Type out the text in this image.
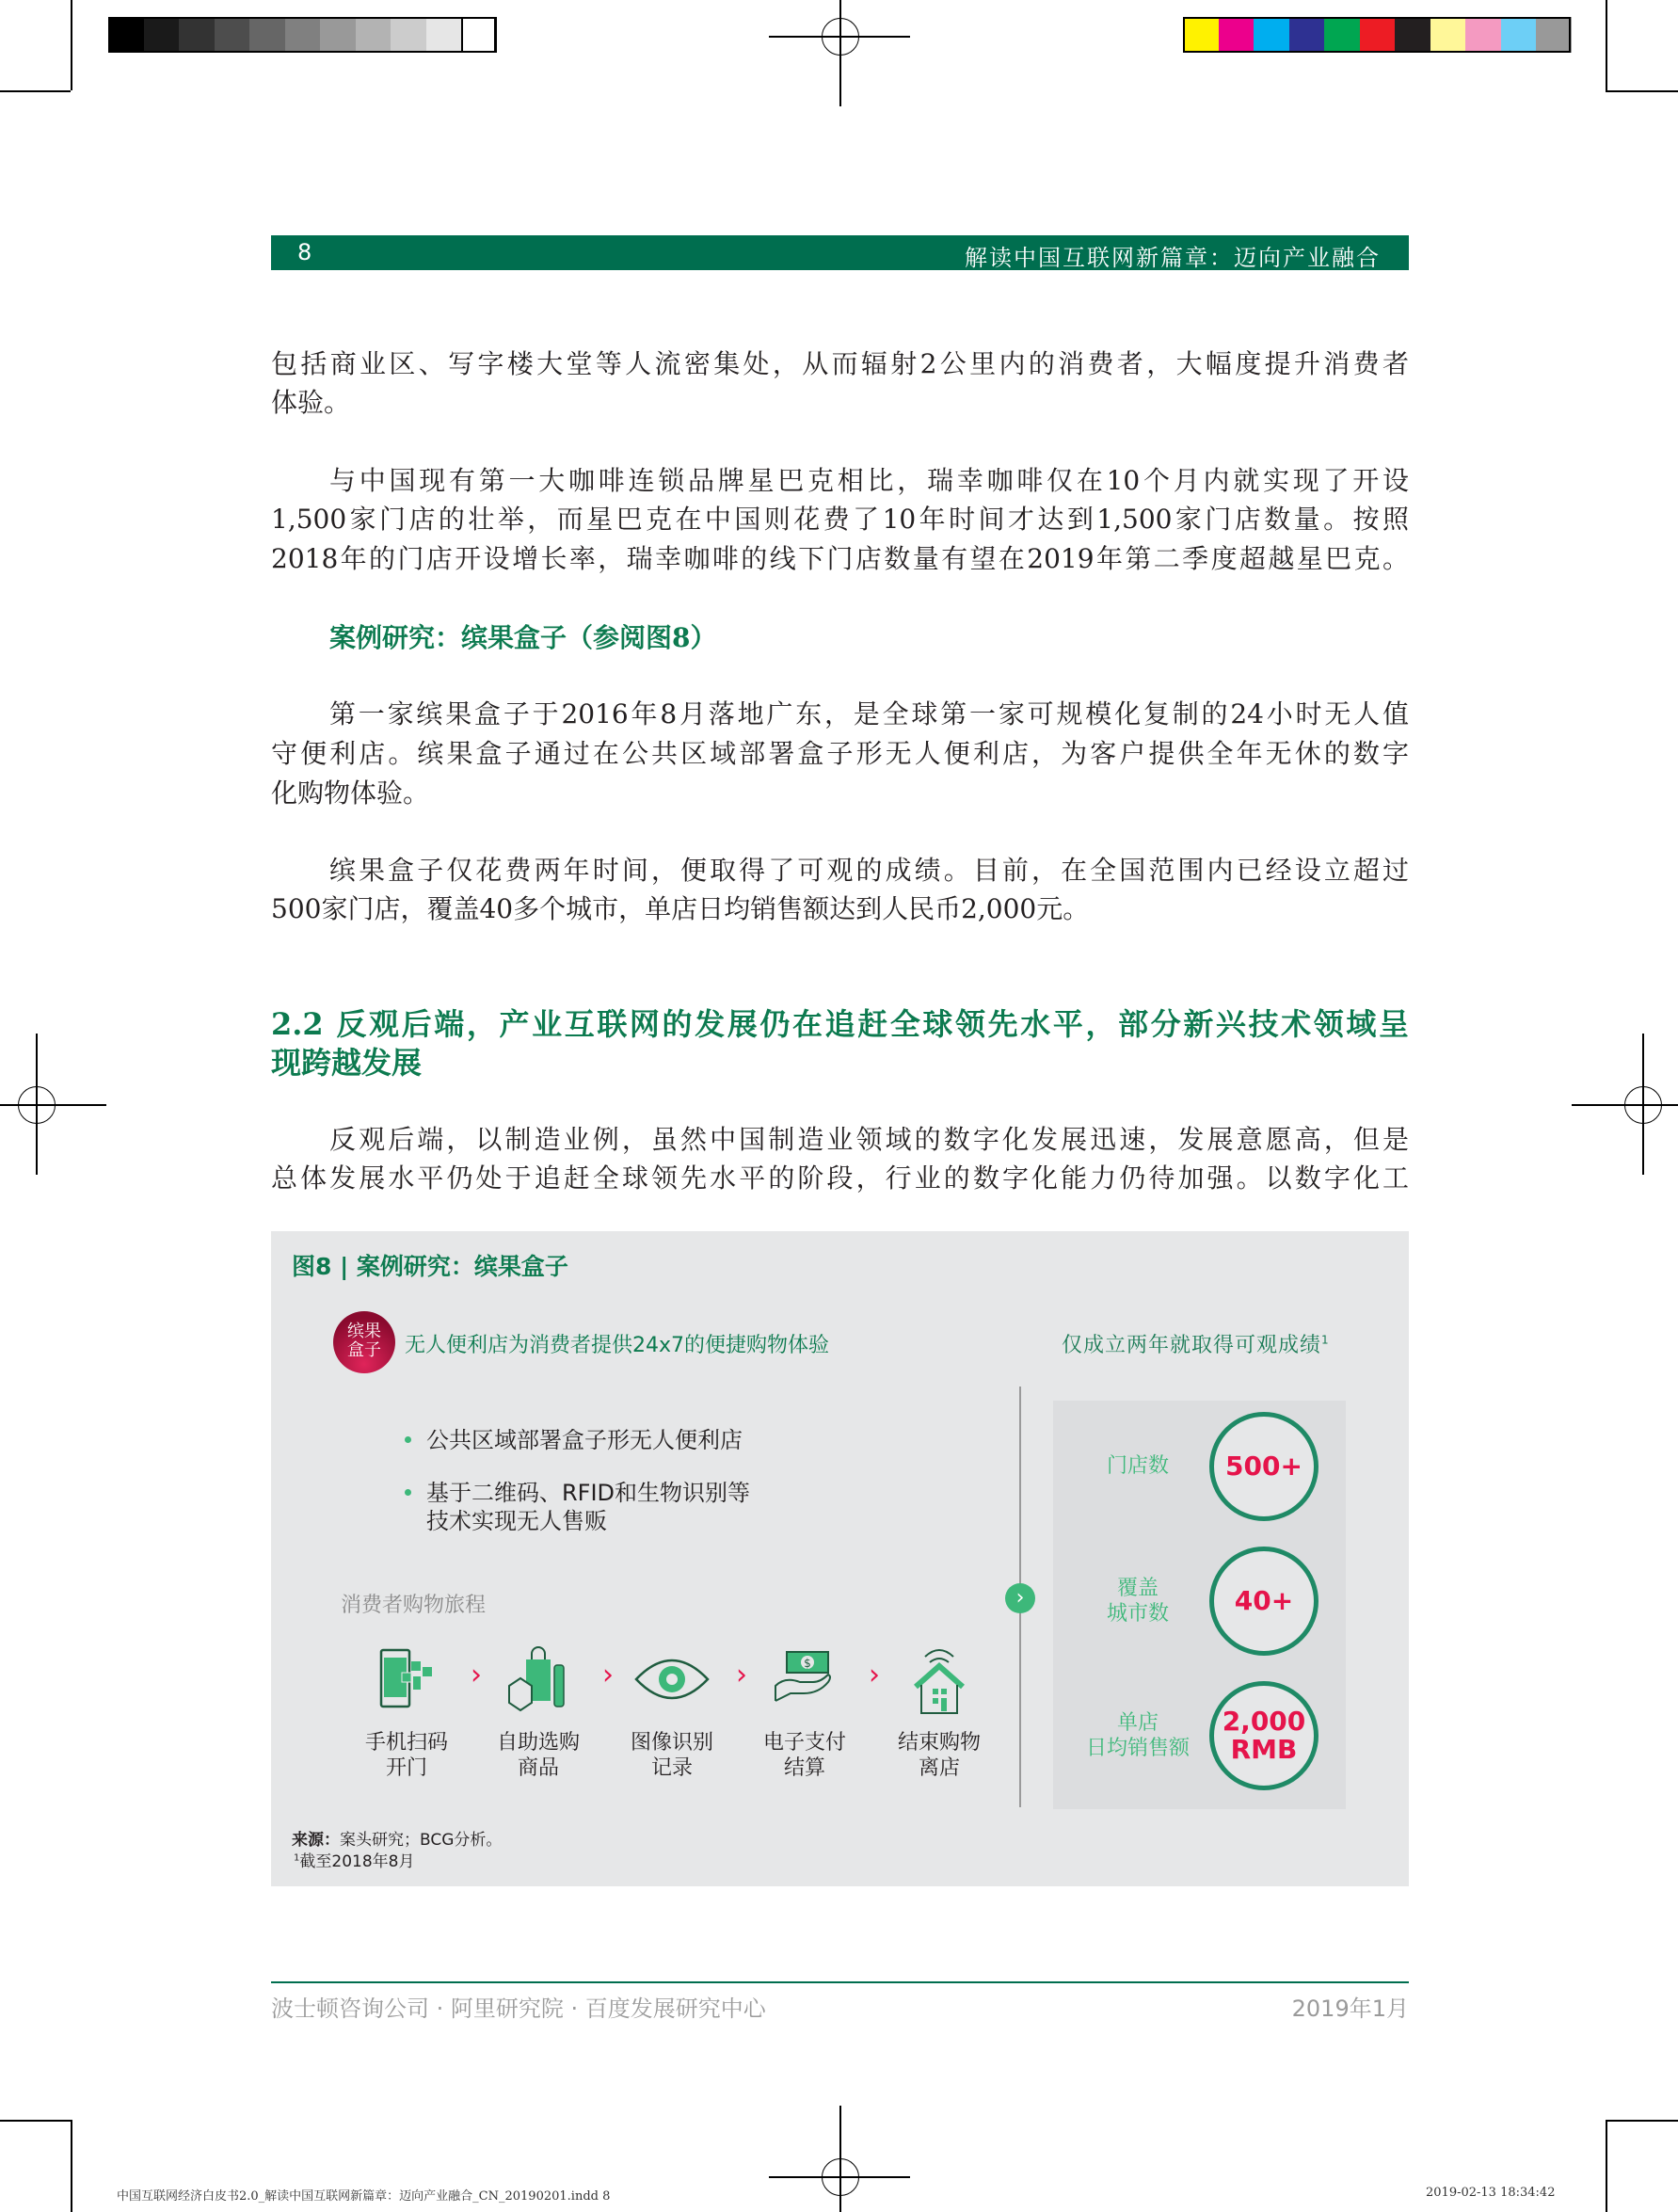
8	解读中国互联网新篇章：迈向产业融合
包括商业区、写字楼大堂等人流密集处，从而辐射2公里内的消费者，大幅度提升消费者
体验。
与中国现有第一大咖啡连锁品牌星巴克相比，瑞幸咖啡仅在10个月内就实现了开设
1,500家门店的壮举，而星巴克在中国则花费了10年时间才达到1,500家门店数量。按照
2018年的门店开设增长率，瑞幸咖啡的线下门店数量有望在2019年第二季度超越星巴克。
案例研究：缤果盒子（参阅图8）
第一家缤果盒子于2016年8月落地广东，是全球第一家可规模化复制的24小时无人值
守便利店。缤果盒子通过在公共区域部署盒子形无人便利店，为客户提供全年无休的数字
化购物体验。
缤果盒子仅花费两年时间，便取得了可观的成绩。目前，在全国范围内已经设立超过
500家门店，覆盖40多个城市，单店日均销售额达到人民币2,000元。
2.2 反观后端，产业互联网的发展仍在追赶全球领先水平，部分新兴技术领域呈
现跨越发展
反观后端，以制造业例，虽然中国制造业领域的数字化发展迅速，发展意愿高，但是
总体发展水平仍处于追赶全球领先水平的阶段，行业的数字化能力仍待加强。以数字化工
图8 | 案例研究：缤果盒子
缤果
盒子	无人便利店为消费者提供24x7的便捷购物体验	仅成立两年就取得可观成绩$^1$
公共区域部署盒子形无人便利店
基于二维码、RFID和生物识别等
技术实现无人售贩
消费者购物旅程
手机扫码
开门
›
自助选购
商品
›
图像识别
记录
›	$
电子支付
结算
›
结束购物
离店
›
门店数	500+
覆盖
城市数	40+
单店
日均销售额
2,000
RMB
来源：案头研究；BCG分析。
$^1$截至2018年8月
波士顿咨询公司 · 阿里研究院 · 百度发展研究中心	2019年1月
中国互联网经济白皮书2.0_解读中国互联网新篇章：迈向产业融合_CN_20190201.indd 8	2019-02-13 18:34:42
